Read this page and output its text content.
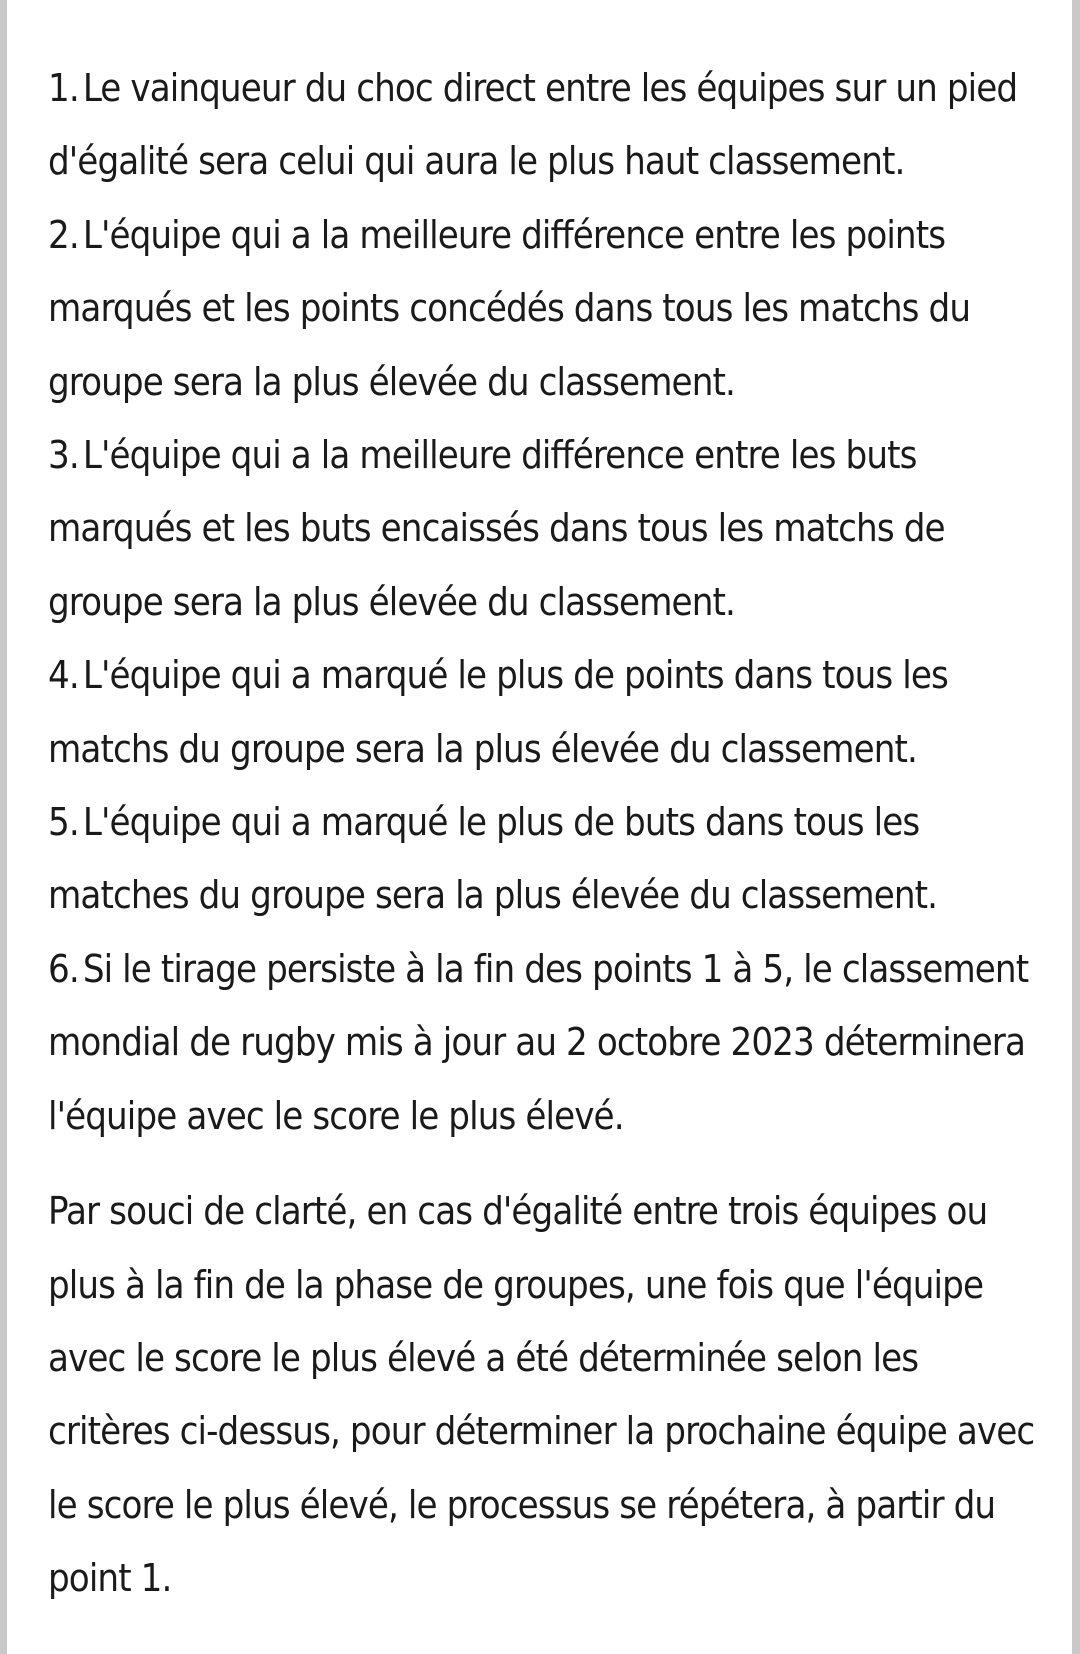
1. Le vainqueur du choc direct entre les équipes sur un pied d'égalité sera celui qui aura le plus haut classement.
2. L'équipe qui a la meilleure différence entre les points marqués et les points concédés dans tous les matchs du groupe sera la plus élevée du classement.
3. L'équipe qui a la meilleure différence entre les buts marqués et les buts encaissés dans tous les matchs de groupe sera la plus élevée du classement.
4. L'équipe qui a marqué le plus de points dans tous les matchs du groupe sera la plus élevée du classement.
5. L'équipe qui a marqué le plus de buts dans tous les matches du groupe sera la plus élevée du classement.
6. Si le tirage persiste à la fin des points 1 à 5, le classement mondial de rugby mis à jour au 2 octobre 2023 déterminera l'équipe avec le score le plus élevé.

Par souci de clarté, en cas d'égalité entre trois équipes ou plus à la fin de la phase de groupes, une fois que l'équipe avec le score le plus élevé a été déterminée selon les critères ci-dessus, pour déterminer la prochaine équipe avec le score le plus élevé, le processus se répétera, à partir du point 1.
